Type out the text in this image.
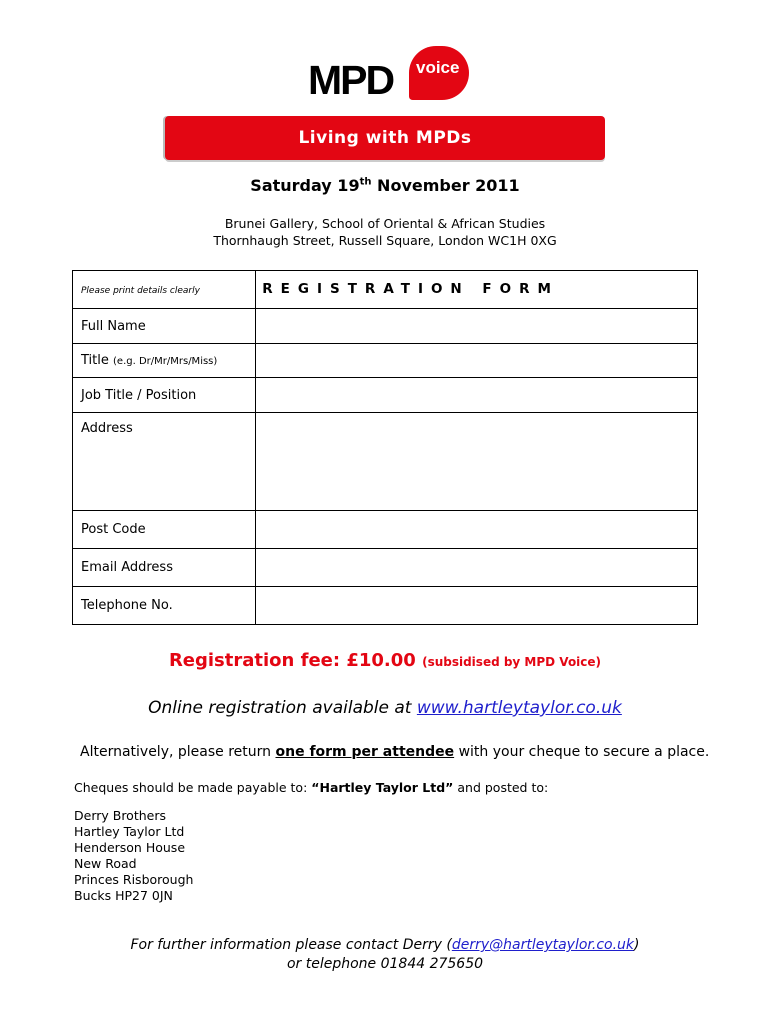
MPD voice
Living with MPDs
Saturday 19th November 2011
Brunei Gallery, School of Oriental & African Studies
Thornhaugh Street, Russell Square, London WC1H 0XG
Please print details clearly	REGISTRATION FORM
Full Name	
Title (e.g. Dr/Mr/Mrs/Miss)	
Job Title / Position	
Address	
Post Code	
Email Address	
Telephone No.	
Registration fee: £10.00 (subsidised by MPD Voice)
Online registration available at www.hartleytaylor.co.uk
Alternatively, please return one form per attendee with your cheque to secure a place.
Cheques should be made payable to: “Hartley Taylor Ltd” and posted to:
Derry Brothers
Hartley Taylor Ltd
Henderson House
New Road
Princes Risborough
Bucks HP27 0JN
For further information please contact Derry (derry@hartleytaylor.co.uk)
or telephone 01844 275650
